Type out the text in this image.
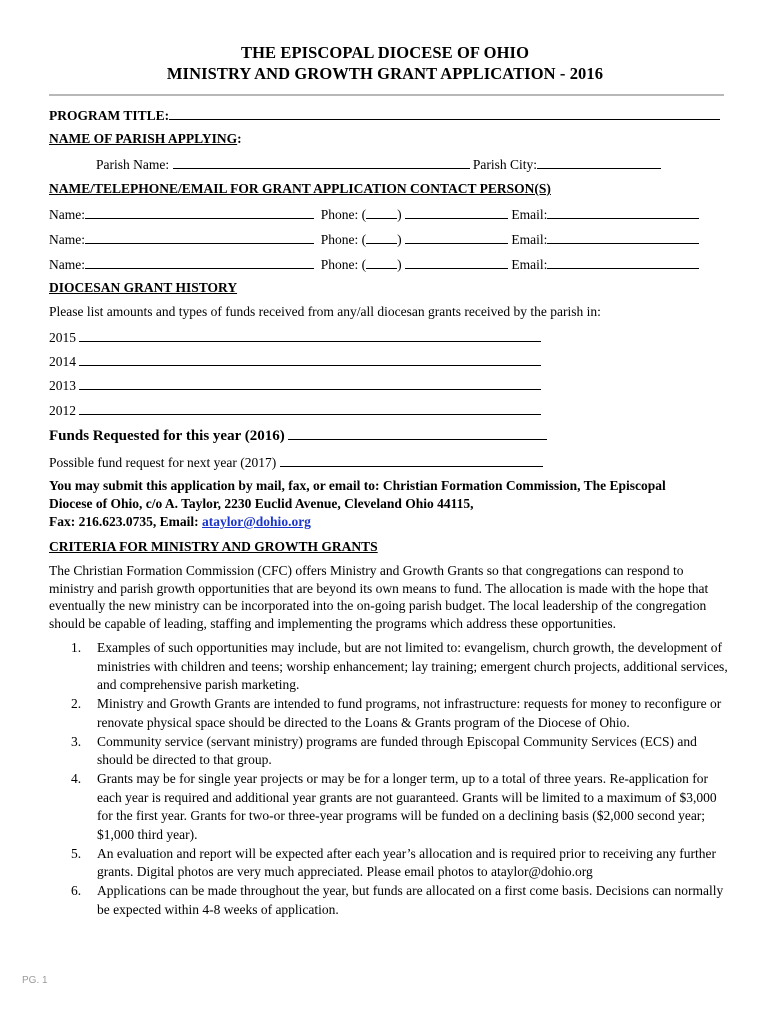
THE EPISCOPAL DIOCESE OF OHIO
MINISTRY AND GROWTH GRANT APPLICATION - 2016
PROGRAM TITLE:
NAME OF PARISH APPLYING:
Parish Name:	Parish City:
NAME/TELEPHONE/EMAIL FOR GRANT APPLICATION CONTACT PERSON(S)
Name:	Phone: ( )	Email:
Name:	Phone: ( )	Email:
Name:	Phone: ( )	Email:
DIOCESAN GRANT HISTORY
Please list amounts and types of funds received from any/all diocesan grants received by the parish in:
2015
2014
2013
2012
Funds Requested for this year (2016)
Possible fund request for next year (2017)
You may submit this application by mail, fax, or email to: Christian Formation Commission, The Episcopal
Diocese of Ohio, c/o A. Taylor, 2230 Euclid Avenue, Cleveland Ohio 44115,
Fax: 216.623.0735, Email: ataylor@dohio.org
CRITERIA FOR MINISTRY AND GROWTH GRANTS
The Christian Formation Commission (CFC) offers Ministry and Growth Grants so that congregations can respond to ministry and parish growth opportunities that are beyond its own means to fund. The allocation is made with the hope that eventually the new ministry can be incorporated into the on-going parish budget. The local leadership of the congregation should be capable of leading, staffing and implementing the programs which address these opportunities.
1. Examples of such opportunities may include, but are not limited to: evangelism, church growth, the development of ministries with children and teens; worship enhancement; lay training; emergent church projects, additional services, and comprehensive parish marketing.
2. Ministry and Growth Grants are intended to fund programs, not infrastructure: requests for money to reconfigure or renovate physical space should be directed to the Loans & Grants program of the Diocese of Ohio.
3. Community service (servant ministry) programs are funded through Episcopal Community Services (ECS) and should be directed to that group.
4. Grants may be for single year projects or may be for a longer term, up to a total of three years. Re-application for each year is required and additional year grants are not guaranteed. Grants will be limited to a maximum of $3,000 for the first year. Grants for two-or three-year programs will be funded on a declining basis ($2,000 second year; $1,000 third year).
5. An evaluation and report will be expected after each year’s allocation and is required prior to receiving any further grants. Digital photos are very much appreciated. Please email photos to ataylor@dohio.org
6. Applications can be made throughout the year, but funds are allocated on a first come basis. Decisions can normally be expected within 4-8 weeks of application.
PG. 1
